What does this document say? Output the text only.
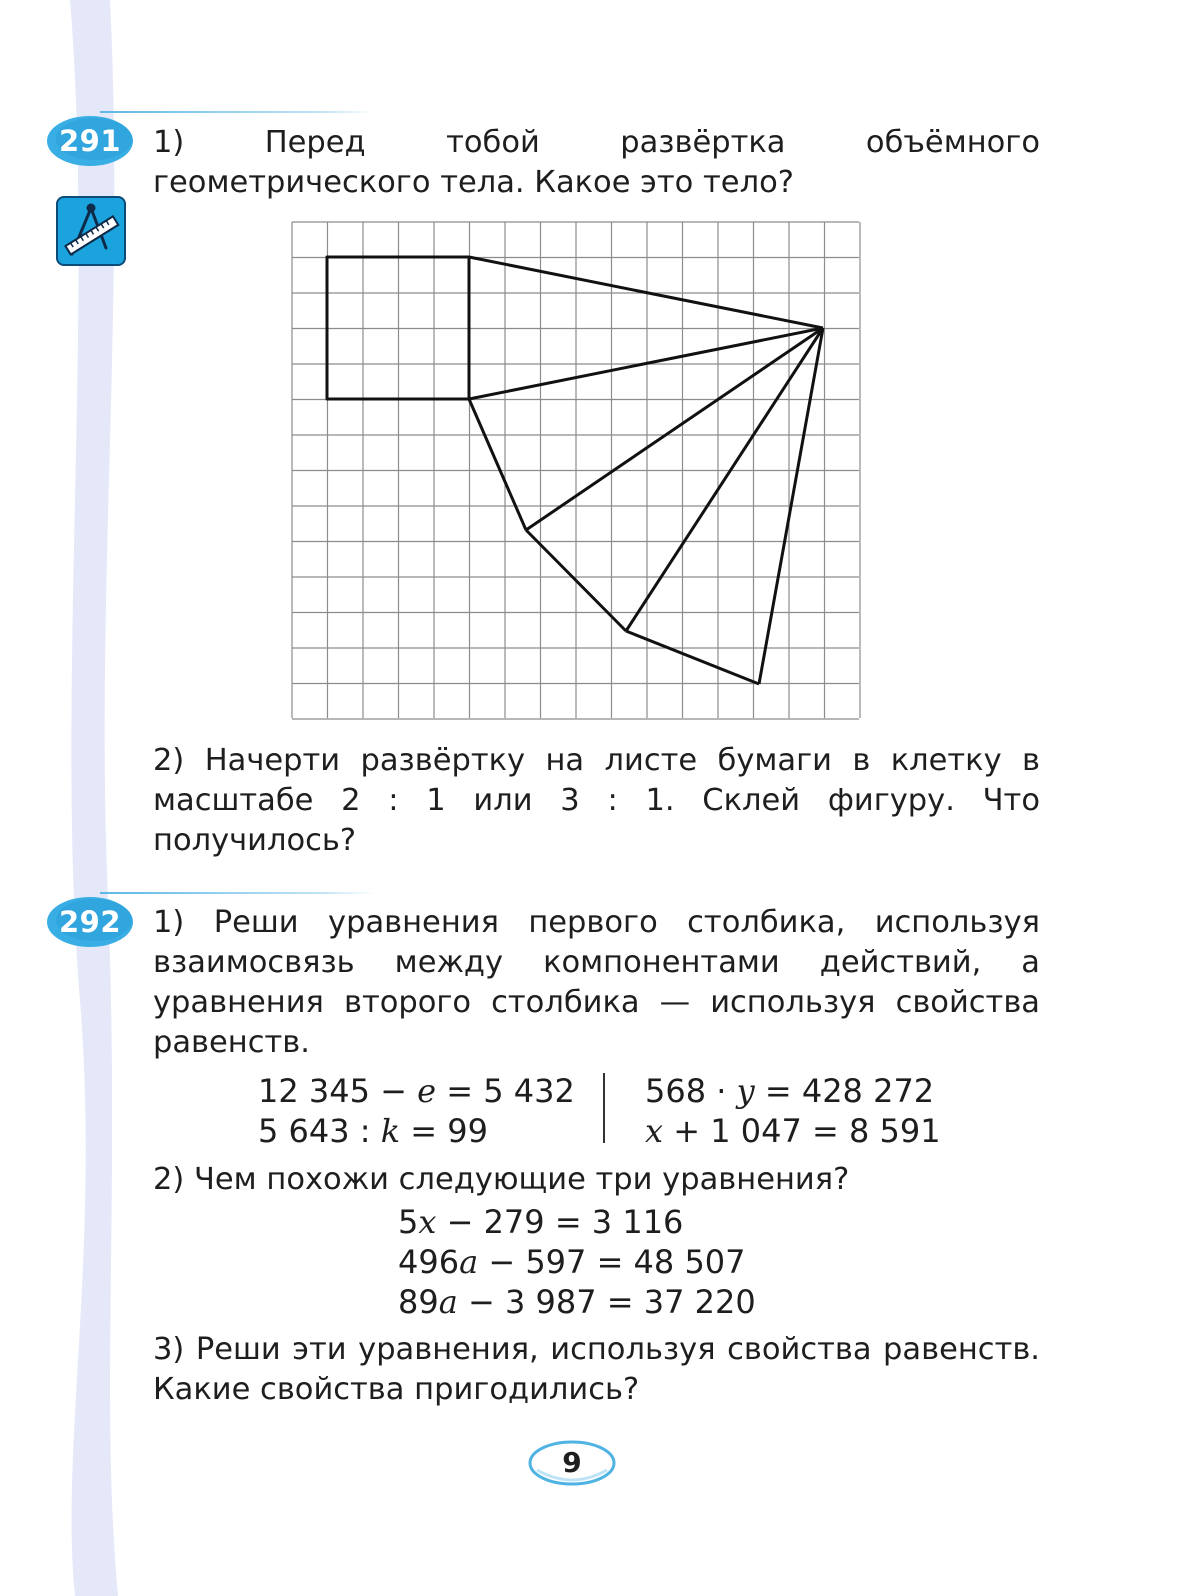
291 1) Перед тобой развёртка объёмного геометрического тела. Какое это тело?

2) Начерти развёртку на листе бумаги в клетку в масштабе 2 : 1 или 3 : 1. Склей фигуру. Что получилось?

292 1) Реши уравнения первого столбика, используя взаимосвязь между компонентами действий, а уравнения второго столбика — используя свойства равенств.

12 345 − e = 5 432
5 643 : k = 99
568 · y = 428 272
x + 1 047 = 8 591

2) Чем похожи следующие три уравнения?

5x − 279 = 3 116
496a − 597 = 48 507
89a − 3 987 = 37 220

3) Реши эти уравнения, используя свойства равенств. Какие свойства пригодились?

9
